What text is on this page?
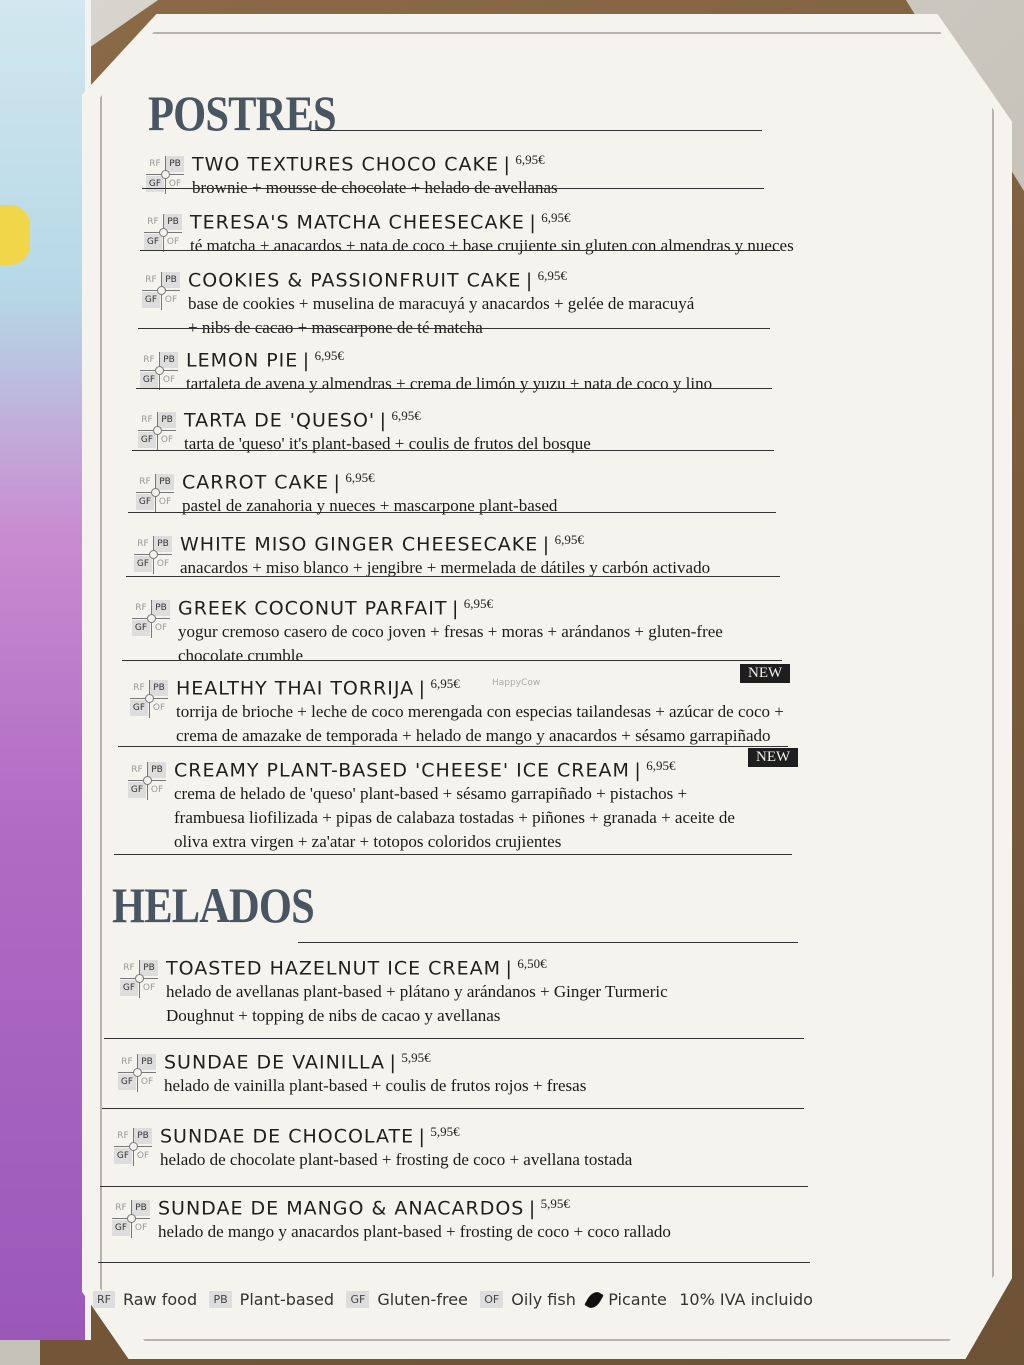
POSTRES
RF PB
GF OF
TWO TEXTURES CHOCO CAKE | $^{6,95€}$
brownie + mousse de chocolate + helado de avellanas
RF PB
GF OF
TERESA'S MATCHA CHEESECAKE | $^{6,95€}$
té matcha + anacardos + nata de coco + base crujiente sin gluten con almendras y nueces
RF PB
GF OF
COOKIES & PASSIONFRUIT CAKE | $^{6,95€}$
base de cookies + muselina de maracuyá y anacardos + gelée de maracuyá
+ nibs de cacao + mascarpone de té matcha
RF PB
GF OF
LEMON PIE | $^{6,95€}$
tartaleta de avena y almendras + crema de limón y yuzu + nata de coco y lino
RF PB
GF OF
TARTA DE 'QUESO' | $^{6,95€}$
tarta de 'queso' it's plant-based + coulis de frutos del bosque
RF PB
GF OF
CARROT CAKE | $^{6,95€}$
pastel de zanahoria y nueces + mascarpone plant-based
RF PB
GF OF
WHITE MISO GINGER CHEESECAKE | $^{6,95€}$
anacardos + miso blanco + jengibre + mermelada de dátiles y carbón activado
RF PB
GF OF
GREEK COCONUT PARFAIT | $^{6,95€}$
yogur cremoso casero de coco joven + fresas + moras + arándanos + gluten-free
chocolate crumble
RF PB
GF OF
HEALTHY THAI TORRIJA | $^{6,95€}$
torrija de brioche + leche de coco merengada con especias tailandesas + azúcar de coco +
crema de amazake de temporada + helado de mango y anacardos + sésamo garrapiñado
NEW
RF PB
GF OF
CREAMY PLANT-BASED 'CHEESE' ICE CREAM | $^{6,95€}$
crema de helado de 'queso' plant-based + sésamo garrapiñado + pistachos +
frambuesa liofilizada + pipas de calabaza tostadas + piñones + granada + aceite de
oliva extra virgen + za'atar + totopos coloridos crujientes
NEW
HELADOS
RF PB
GF OF
TOASTED HAZELNUT ICE CREAM | $^{6,50€}$
helado de avellanas plant-based + plátano y arándanos + Ginger Turmeric
Doughnut + topping de nibs de cacao y avellanas
RF PB
GF OF
SUNDAE DE VAINILLA | $^{5,95€}$
helado de vainilla plant-based + coulis de frutos rojos + fresas
RF PB
GF OF
SUNDAE DE CHOCOLATE | $^{5,95€}$
helado de chocolate plant-based + frosting de coco + avellana tostada
RF PB
GF OF
SUNDAE DE MANGO & ANACARDOS | $^{5,95€}$
helado de mango y anacardos plant-based + frosting de coco + coco rallado
HappyCow
RF Raw food	PB Plant-based	GF Gluten-free	OF Oily fish Picante 10% IVA incluido
